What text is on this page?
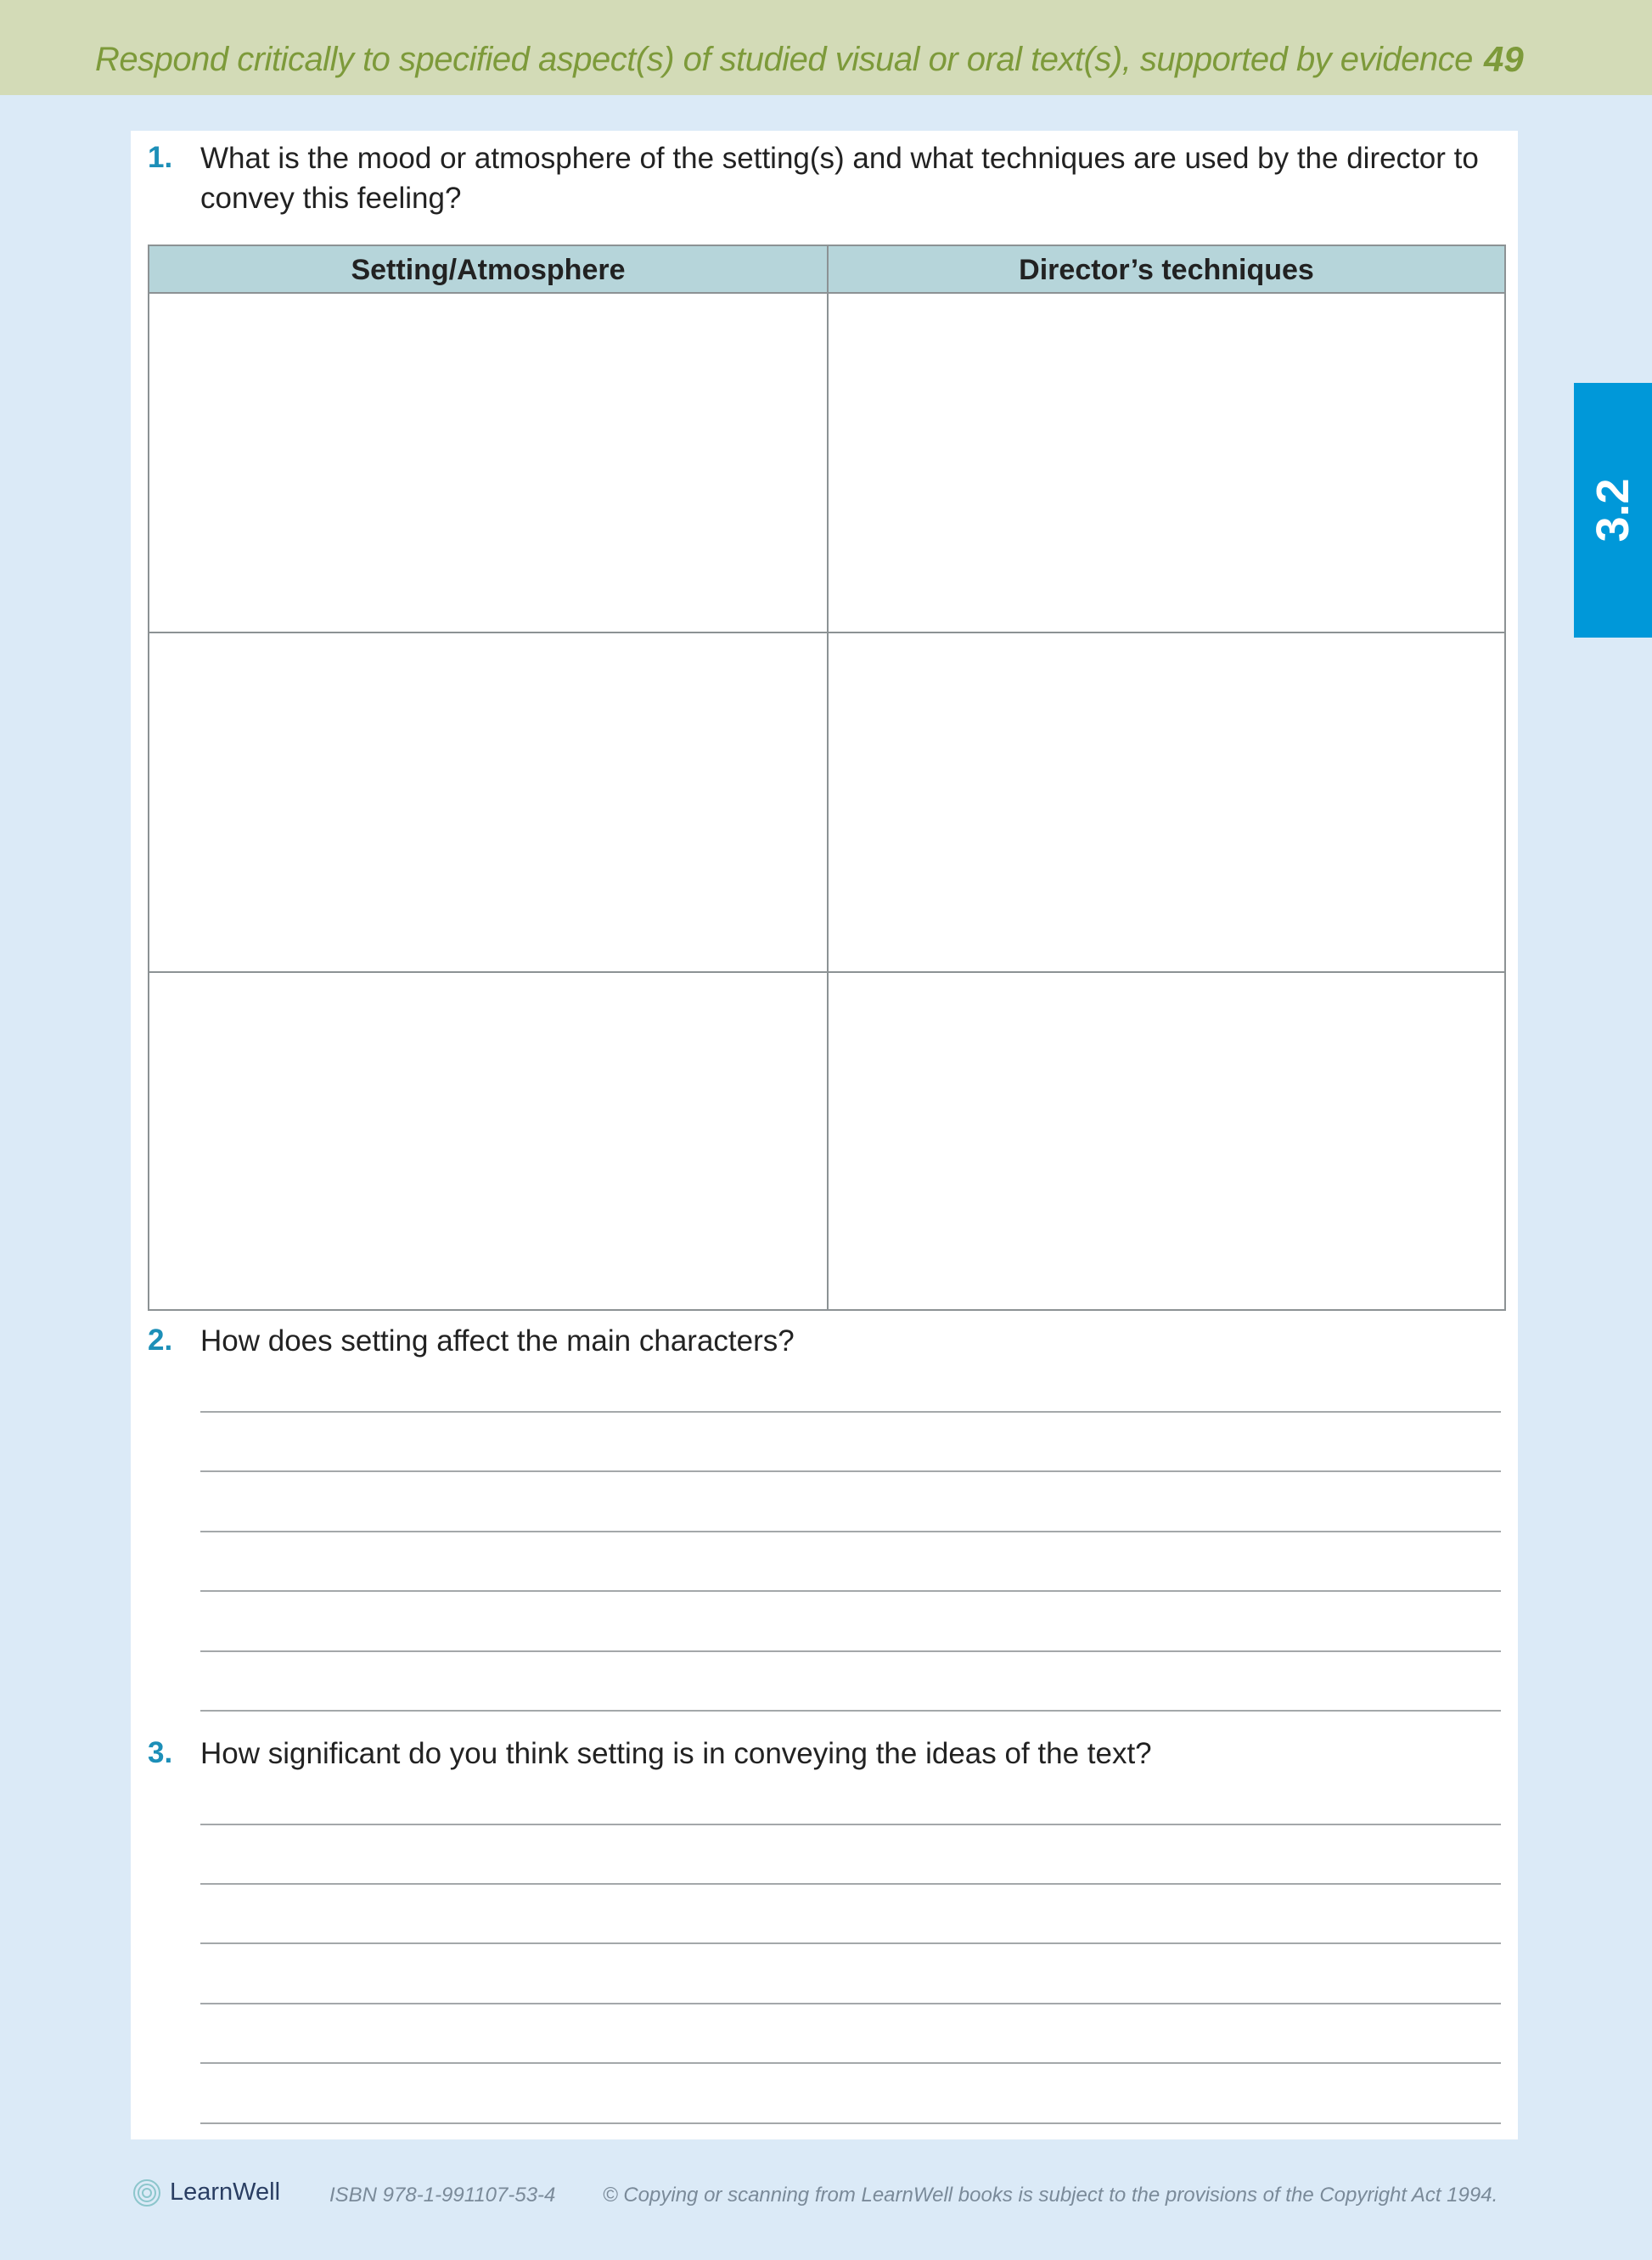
Respond critically to specified aspect(s) of studied visual or oral text(s), supported by evidence 49
3.2
1. What is the mood or atmosphere of the setting(s) and what techniques are used by the director to
convey this feeling?
Setting/Atmosphere	Director’s techniques
2. How does setting affect the main characters?
3. How significant do you think setting is in conveying the ideas of the text?
LearnWell ISBN 978-1-991107-53-4 © Copying or scanning from LearnWell books is subject to the provisions of the Copyright Act 1994.
